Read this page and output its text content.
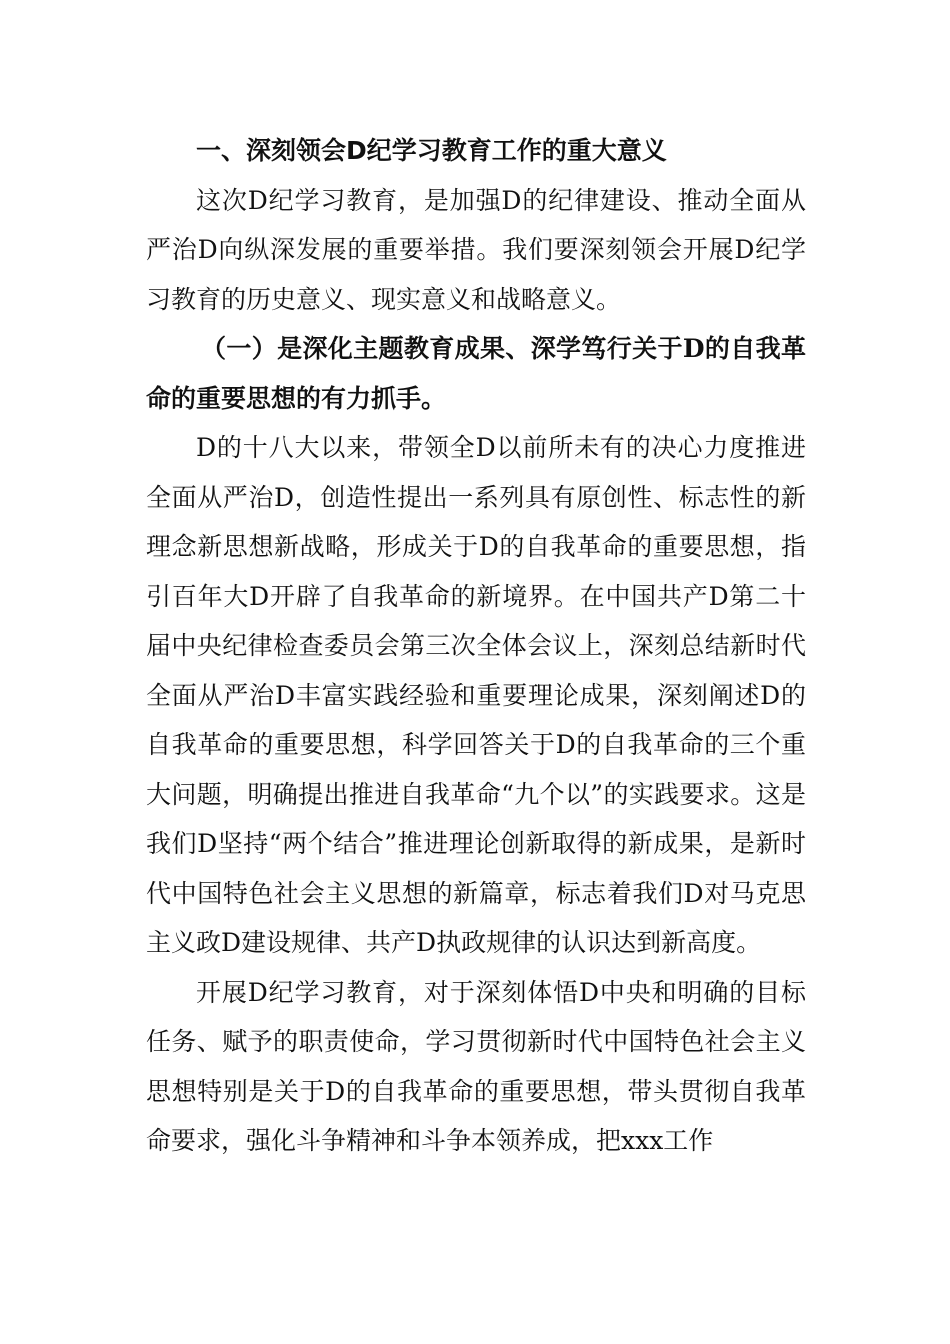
一、深刻领会D纪学习教育工作的重大意义

这次D纪学习教育，是加强D的纪律建设、推动全面从严治D向纵深发展的重要举措。我们要深刻领会开展D纪学习教育的历史意义、现实意义和战略意义。

（一）是深化主题教育成果、深学笃行关于D的自我革命的重要思想的有力抓手。

D的十八大以来，带领全D以前所未有的决心力度推进全面从严治D，创造性提出一系列具有原创性、标志性的新理念新思想新战略，形成关于D的自我革命的重要思想，指引百年大D开辟了自我革命的新境界。在中国共产D第二十届中央纪律检查委员会第三次全体会议上，深刻总结新时代全面从严治D丰富实践经验和重要理论成果，深刻阐述D的自我革命的重要思想，科学回答关于D的自我革命的三个重大问题，明确提出推进自我革命“九个以”的实践要求。这是我们D坚持“两个结合”推进理论创新取得的新成果，是新时代中国特色社会主义思想的新篇章，标志着我们D对马克思主义政D建设规律、共产D执政规律的认识达到新高度。

开展D纪学习教育，对于深刻体悟D中央和明确的目标任务、赋予的职责使命，学习贯彻新时代中国特色社会主义思想特别是关于D的自我革命的重要思想，带头贯彻自我革命要求，强化斗争精神和斗争本领养成，把xxx工作
